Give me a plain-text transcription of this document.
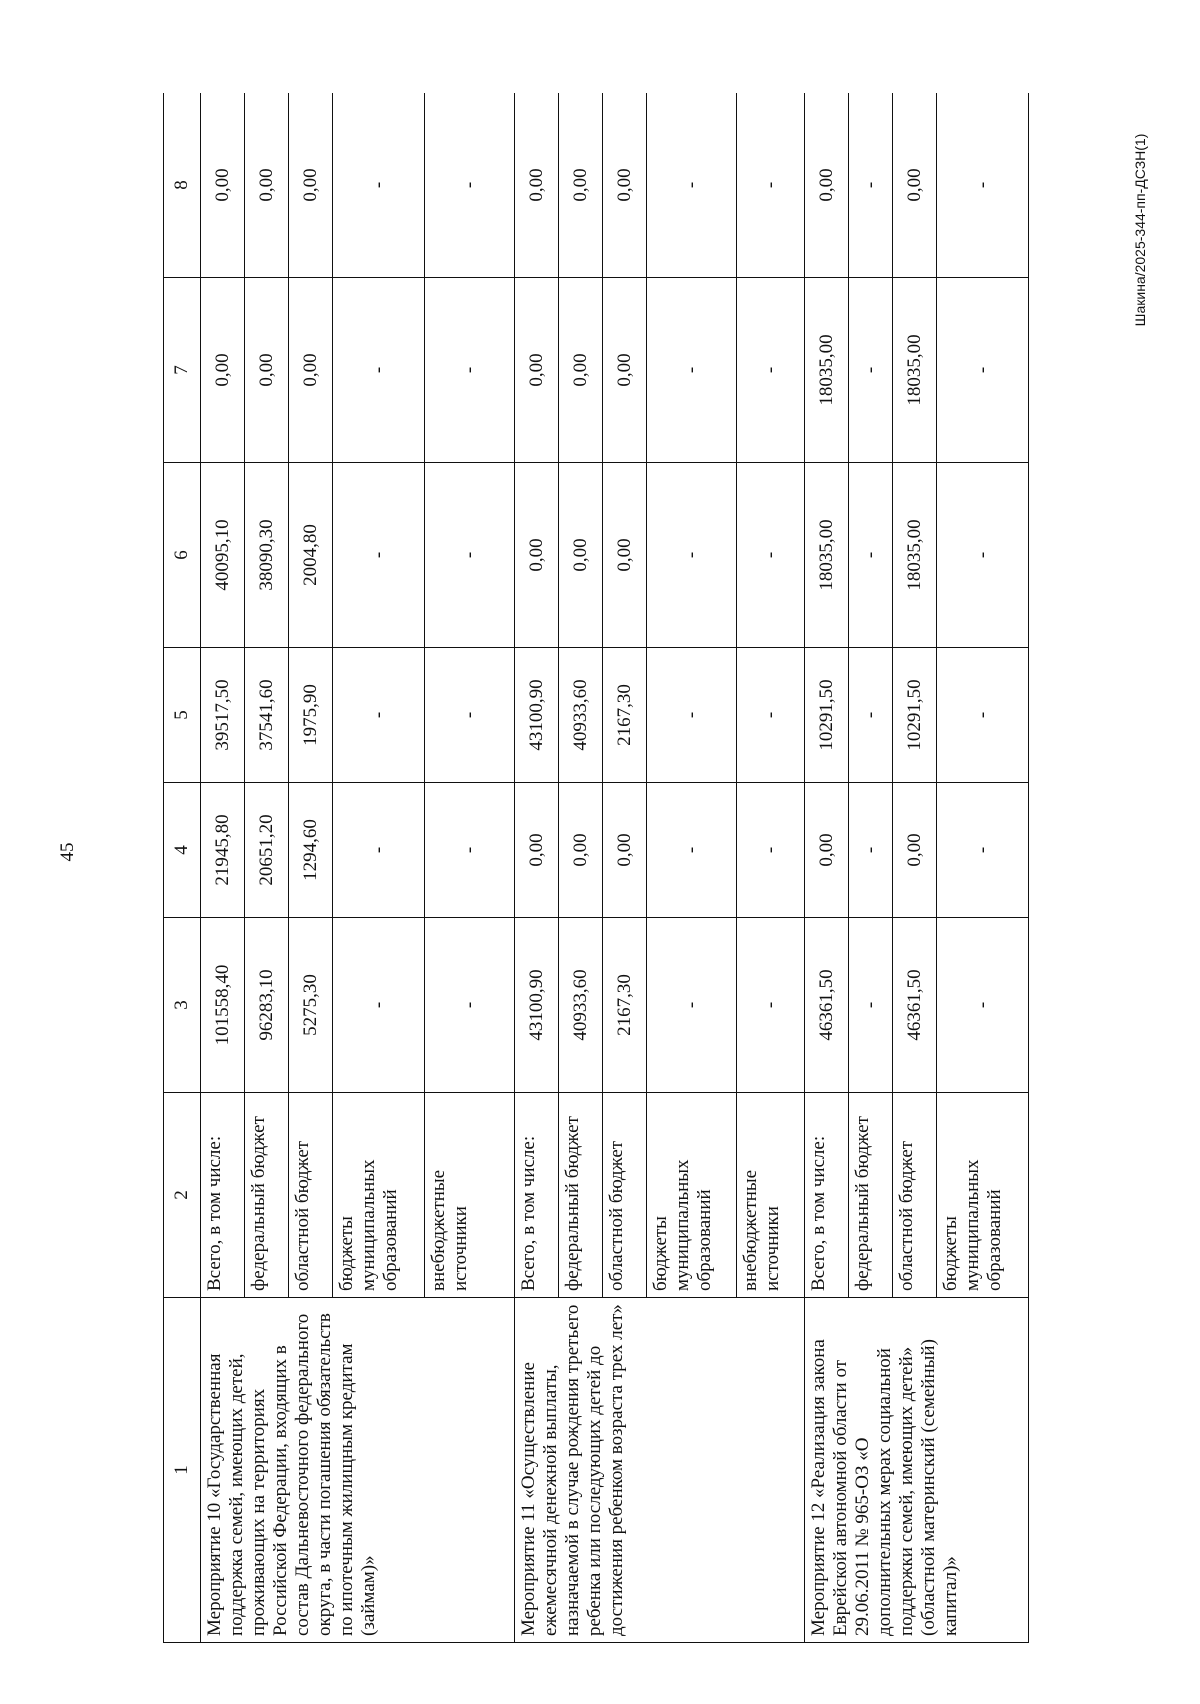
45
Шакина/2025-344-пп-ДСЗН(1)
1	2	3	4	5	6	7	8
Мероприятие 10 «Государственная поддержка семей, имеющих детей, проживающих на территориях Российской Федерации, входящих в состав Дальневосточного федерального округа, в части погашения обязательств по ипотечным жилищным кредитам (займам)»	Всего, в том числе:	101558,40	21945,80	39517,50	40095,10	0,00	0,00
	федеральный бюджет	96283,10	20651,20	37541,60	38090,30	0,00	0,00
	областной бюджет	5275,30	1294,60	1975,90	2004,80	0,00	0,00
	бюджеты муниципальных образований	-	-	-	-	-	-
	внебюджетные источники	-	-	-	-	-	-
Мероприятие 11 «Осуществление ежемесячной денежной выплаты, назначаемой в случае рождения третьего ребенка или последующих детей до достижения ребенком возраста трех лет»	Всего, в том числе:	43100,90	0,00	43100,90	0,00	0,00	0,00
	федеральный бюджет	40933,60	0,00	40933,60	0,00	0,00	0,00
	областной бюджет	2167,30	0,00	2167,30	0,00	0,00	0,00
	бюджеты муниципальных образований	-	-	-	-	-	-
	внебюджетные источники	-	-	-	-	-	-
Мероприятие 12 «Реализация закона Еврейской автономной области от 29.06.2011 № 965-ОЗ «О дополнительных мерах социальной поддержки семей, имеющих детей» (областной материнский (семейный) капитал)»	Всего, в том числе:	46361,50	0,00	10291,50	18035,00	18035,00	0,00
	федеральный бюджет	-	-	-	-	-	-
	областной бюджет	46361,50	0,00	10291,50	18035,00	18035,00	0,00
	бюджеты муниципальных образований	-	-	-	-	-	-
